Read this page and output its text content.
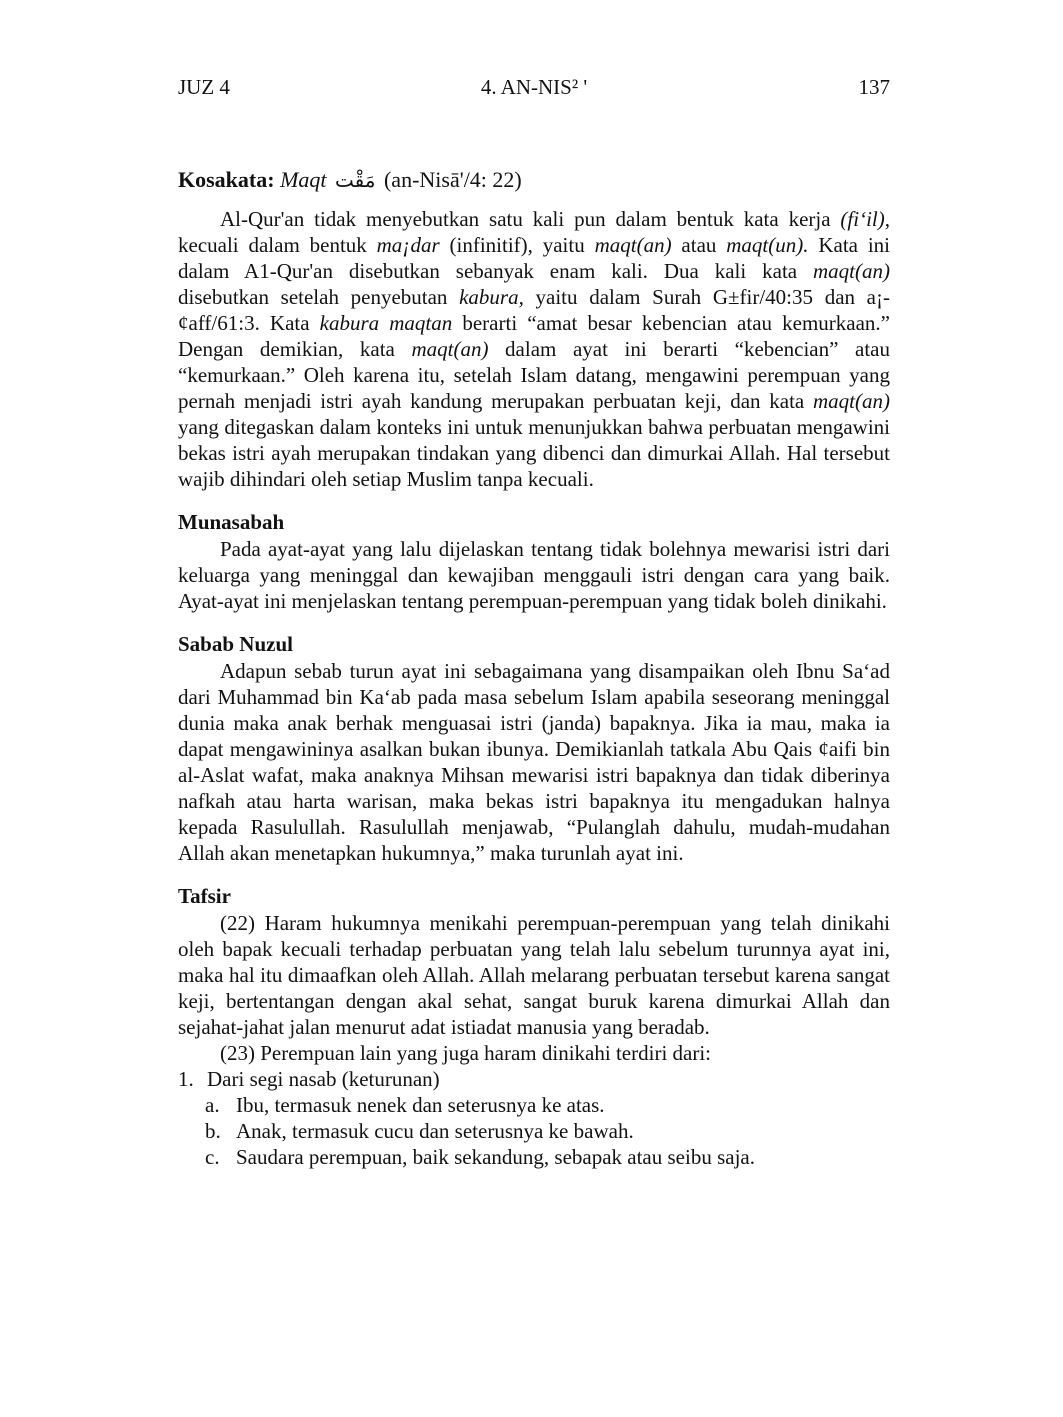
JUZ 4	4. AN-NIS² '	137

Kosakata: Maqt مَقْت (an-Nisā'/4: 22)

Al-Qur'an tidak menyebutkan satu kali pun dalam bentuk kata kerja (fi‘il), kecuali dalam bentuk ma¡dar (infinitif), yaitu maqt(an) atau maqt(un). Kata ini dalam A1-Qur'an disebutkan sebanyak enam kali. Dua kali kata maqt(an) disebutkan setelah penyebutan kabura, yaitu dalam Surah G±fir/40:35 dan a¡-¢aff/61:3. Kata kabura maqtan berarti “amat besar kebencian atau kemurkaan.” Dengan demikian, kata maqt(an) dalam ayat ini berarti “kebencian” atau “kemurkaan.” Oleh karena itu, setelah Islam datang, mengawini perempuan yang pernah menjadi istri ayah kandung merupakan perbuatan keji, dan kata maqt(an) yang ditegaskan dalam konteks ini untuk menunjukkan bahwa perbuatan mengawini bekas istri ayah merupakan tindakan yang dibenci dan dimurkai Allah. Hal tersebut wajib dihindari oleh setiap Muslim tanpa kecuali.

Munasabah

Pada ayat-ayat yang lalu dijelaskan tentang tidak bolehnya mewarisi istri dari keluarga yang meninggal dan kewajiban menggauli istri dengan cara yang baik. Ayat-ayat ini menjelaskan tentang perempuan-perempuan yang tidak boleh dinikahi.

Sabab Nuzul

Adapun sebab turun ayat ini sebagaimana yang disampaikan oleh Ibnu Sa‘ad dari Muhammad bin Ka‘ab pada masa sebelum Islam apabila seseorang meninggal dunia maka anak berhak menguasai istri (janda) bapaknya. Jika ia mau, maka ia dapat mengawininya asalkan bukan ibunya. Demikianlah tatkala Abu Qais ¢aifi bin al-Aslat wafat, maka anaknya Mihsan mewarisi istri bapaknya dan tidak diberinya nafkah atau harta warisan, maka bekas istri bapaknya itu mengadukan halnya kepada Rasulullah. Rasulullah menjawab, “Pulanglah dahulu, mudah-mudahan Allah akan menetapkan hukumnya,” maka turunlah ayat ini.

Tafsir

(22) Haram hukumnya menikahi perempuan-perempuan yang telah dinikahi oleh bapak kecuali terhadap perbuatan yang telah lalu sebelum turunnya ayat ini, maka hal itu dimaafkan oleh Allah. Allah melarang perbuatan tersebut karena sangat keji, bertentangan dengan akal sehat, sangat buruk karena dimurkai Allah dan sejahat-jahat jalan menurut adat istiadat manusia yang beradab.

(23) Perempuan lain yang juga haram dinikahi terdiri dari:

1. Dari segi nasab (keturunan)
a. Ibu, termasuk nenek dan seterusnya ke atas.
b. Anak, termasuk cucu dan seterusnya ke bawah.
c. Saudara perempuan, baik sekandung, sebapak atau seibu saja.
